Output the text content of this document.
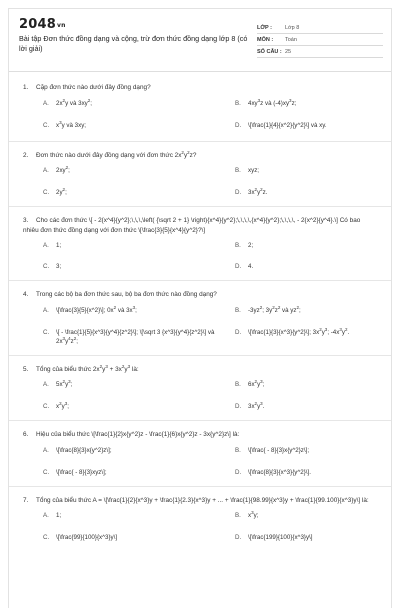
2048vn
Bài tập Đơn thức đồng dạng và cộng, trừ đơn thức đồng dạng lớp 8 (có lời giải)
LỚP :	Lớp 8
MÔN :	Toán
SỐ CÂU : 25
1. Cặp đơn thức nào dưới đây đồng dạng?
A.	$2x^2y$ và $3xy^2$;	B.	$4xy^3z$ và $(-4)xy^3z$;
C.	$x^3y$ và 3xy;	D.	\[\frac{1}{4}{x^2}{y^2}\] và xy.
2. Đơn thức nào dưới đây đồng dạng với đơn thức $2x^2y^2z$?
A.	$2xy^2$;	B.	xyz;
C.	$2y^2$;	D.	$3x^2y^2z$.
3. Cho các đơn thức \[ - 2{x^4}{y^2};\,\,\,\left( {\sqrt 2 + 1} \right){x^4}{y^2};\,\,\,\,{x^4}{y^2};\,\,\,\, - 2{x^2}{y^4}.\] Có bao nhiêu đơn thức đồng dạng với đơn thức \[\frac{3}{5}{x^4}{y^2}?\]
A.	1;	B.	2;
C.	3;	D.	4.
4. Trong các bộ ba đơn thức sau, bộ ba đơn thức nào đồng dạng?
A.	\[\frac{3}{5}{x^2}\]; $0x^2$ và $3x^3$;	B.	$-3yz^2$; $3y^2z^2$ và $yz^2$;
C.	\[ - \frac{1}{5}{x^3}{y^4}{z^2}\]; \[\sqrt 3 {x^3}{y^4}{z^2}\] và $2x^3y^4z^2$;
D.	\[\frac{1}{3}{x^3}{y^2}\]; $3x^2y^3$; $-4x^3y^2$.
5. Tổng của biểu thức $2x^2y^3 + 3x^2y^3$ là:
A.	$5x^2y^3$;	B.	$6x^2y^3$;
C.	$x^2y^3$;	D.	$3x^2y^3$.
6. Hiệu của biểu thức \[\frac{1}{2}x{y^2}z - \frac{1}{6}x{y^2}z - 3x{y^2}z\] là:
A.	\[\frac{8}{3}x{y^2}z\];	B.	\[\frac{ - 8}{3}x{y^2}z\];
C.	\[\frac{ - 8}{3}xyz\];	D.	\[\frac{8}{3}{x^3}{y^2}\].
7. Tổng của biểu thức A = \[\frac{1}{2}{x^3}y + \frac{1}{2.3}{x^3}y + ... + \frac{1}{98.99}{x^3}y + \frac{1}{99.100}{x^3}y\] là:
A.	1;	B.	$x^3y$;
C.	\[\frac{99}{100}{x^3}y\]	D.	\[\frac{199}{100}{x^3}y\]
